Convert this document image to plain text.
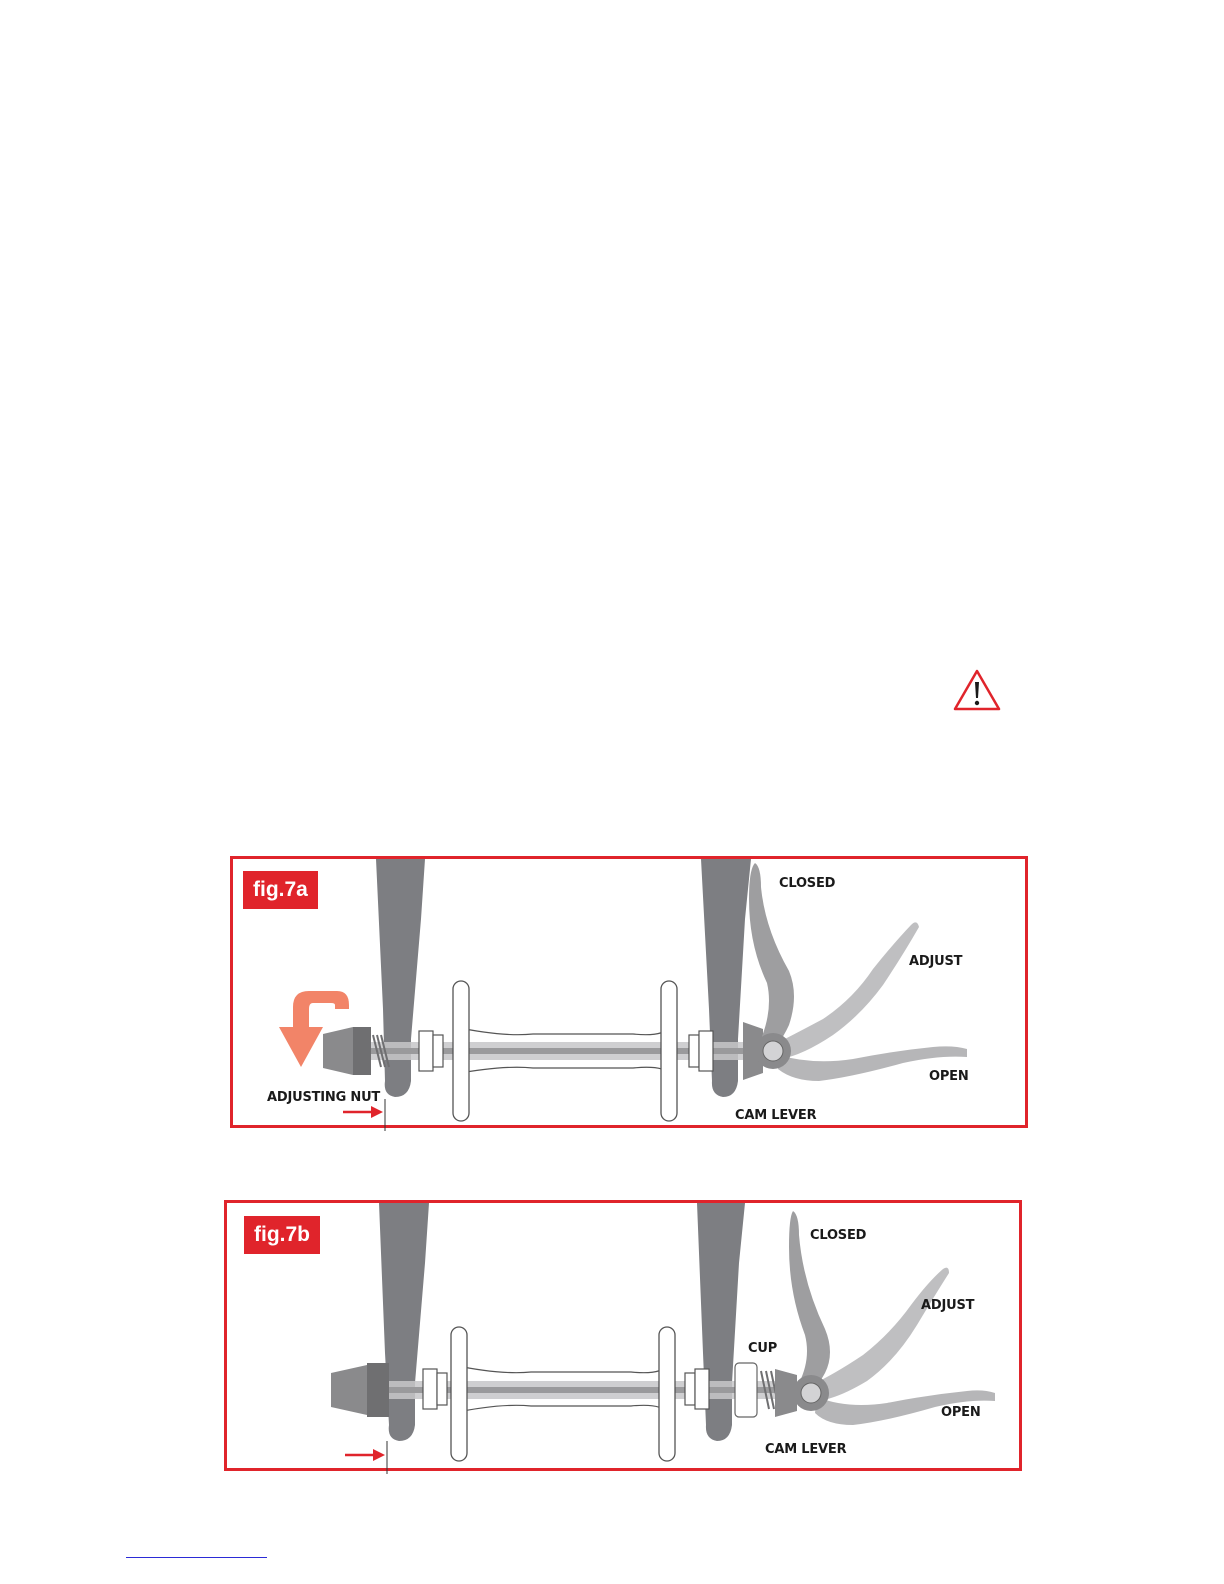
fig.7a	CLOSED
ADJUST
OPEN
CAM LEVER
ADJUSTING NUT
fig.7b	CLOSED
ADJUST
OPEN
CAM LEVER
CUP
